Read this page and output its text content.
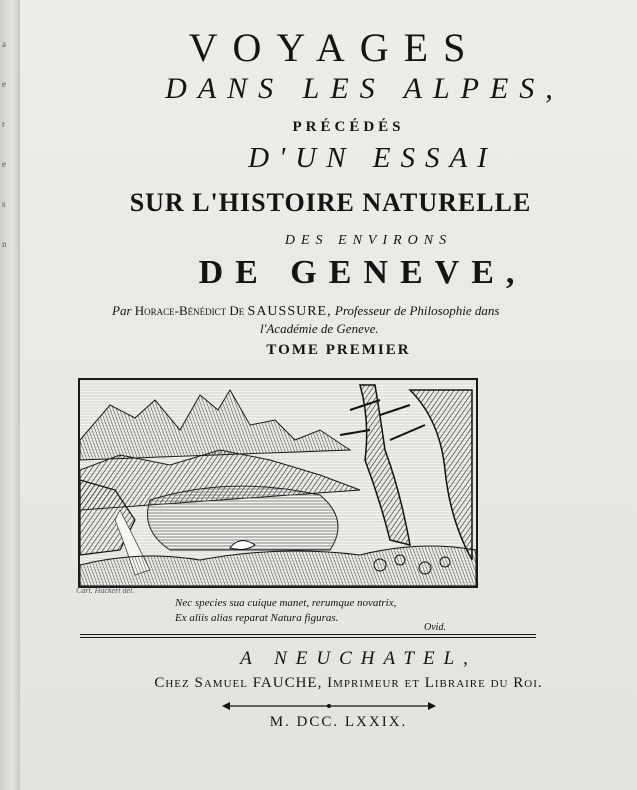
a
e
r
e
s
n
VOYAGES
DANS LES ALPES,
PRÉCÉDÉS
D'UN ESSAI
SUR L'HISTOIRE NATURELLE
DES ENVIRONS
DE GENEVE,
Par Horace-Bénédict De SAUSSURE, Professeur de Philosophie dans
l'Académie de Geneve.
TOME PREMIER
Carl. Hackert del.
Nec species sua cuique manet, rerumque novatrix,
Ex aliis alias reparat Natura figuras.
Ovid.
A NEUCHATEL,
Chez Samuel FAUCHE, Imprimeur et Libraire du Roi.
M. DCC. LXXIX.
